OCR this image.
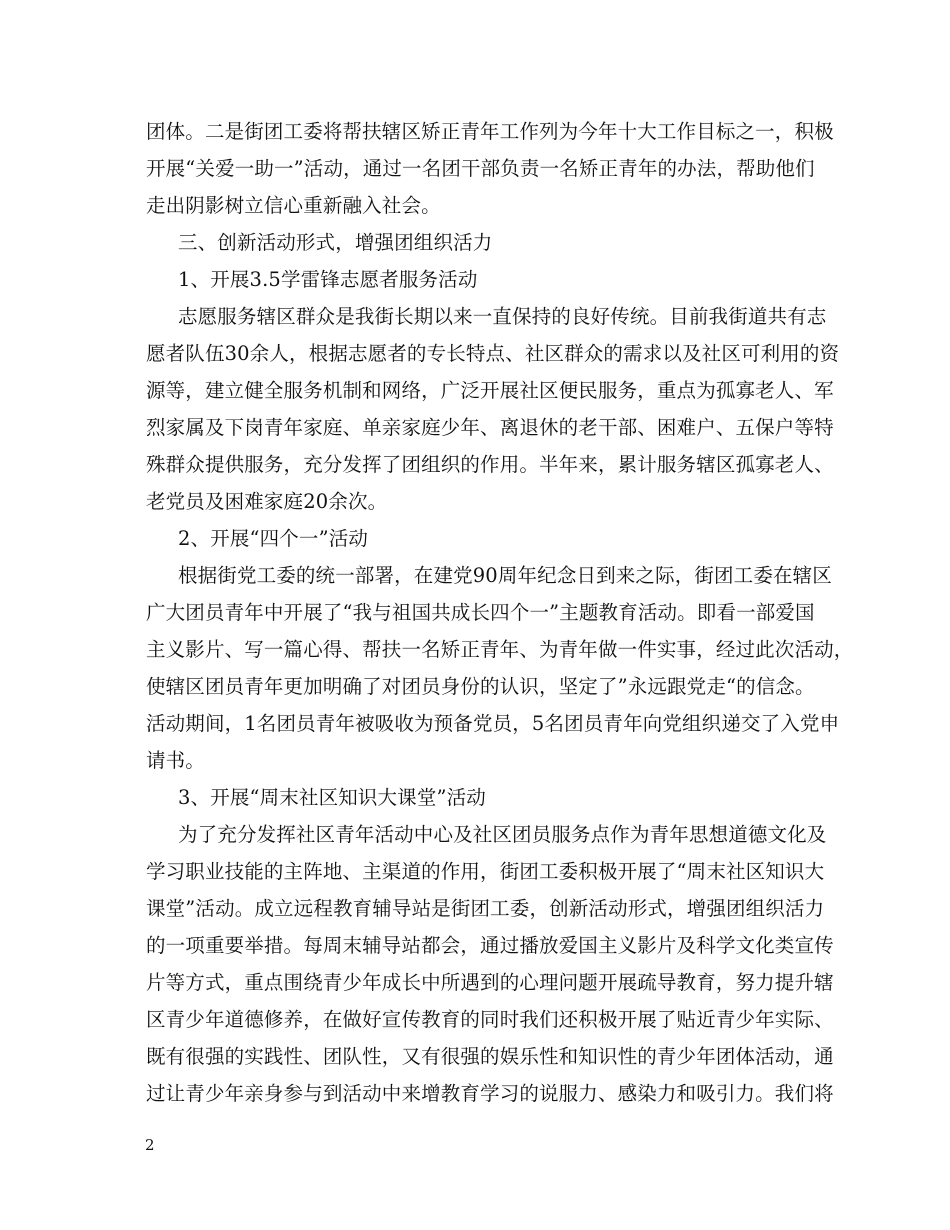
团体。二是街团工委将帮扶辖区矫正青年工作列为今年十大工作目标之一，积极
开展“关爱一助一”活动，通过一名团干部负责一名矫正青年的办法，帮助他们
走出阴影树立信心重新融入社会。
三、创新活动形式，增强团组织活力
1、开展3.5学雷锋志愿者服务活动
志愿服务辖区群众是我街长期以来一直保持的良好传统。目前我街道共有志
愿者队伍30余人，根据志愿者的专长特点、社区群众的需求以及社区可利用的资
源等，建立健全服务机制和网络，广泛开展社区便民服务，重点为孤寡老人、军
烈家属及下岗青年家庭、单亲家庭少年、离退休的老干部、困难户、五保户等特
殊群众提供服务，充分发挥了团组织的作用。半年来，累计服务辖区孤寡老人、
老党员及困难家庭20余次。
2、开展“四个一”活动
根据街党工委的统一部署，在建党90周年纪念日到来之际，街团工委在辖区
广大团员青年中开展了“我与祖国共成长四个一”主题教育活动。即看一部爱国
主义影片、写一篇心得、帮扶一名矫正青年、为青年做一件实事，经过此次活动，
使辖区团员青年更加明确了对团员身份的认识，坚定了”永远跟党走“的信念。
活动期间，1名团员青年被吸收为预备党员，5名团员青年向党组织递交了入党申
请书。
3、开展“周末社区知识大课堂”活动
为了充分发挥社区青年活动中心及社区团员服务点作为青年思想道德文化及
学习职业技能的主阵地、主渠道的作用，街团工委积极开展了“周末社区知识大
课堂”活动。成立远程教育辅导站是街团工委，创新活动形式，增强团组织活力
的一项重要举措。每周末辅导站都会，通过播放爱国主义影片及科学文化类宣传
片等方式，重点围绕青少年成长中所遇到的心理问题开展疏导教育，努力提升辖
区青少年道德修养，在做好宣传教育的同时我们还积极开展了贴近青少年实际、
既有很强的实践性、团队性，又有很强的娱乐性和知识性的青少年团体活动，通
过让青少年亲身参与到活动中来增教育学习的说服力、感染力和吸引力。我们将
2
